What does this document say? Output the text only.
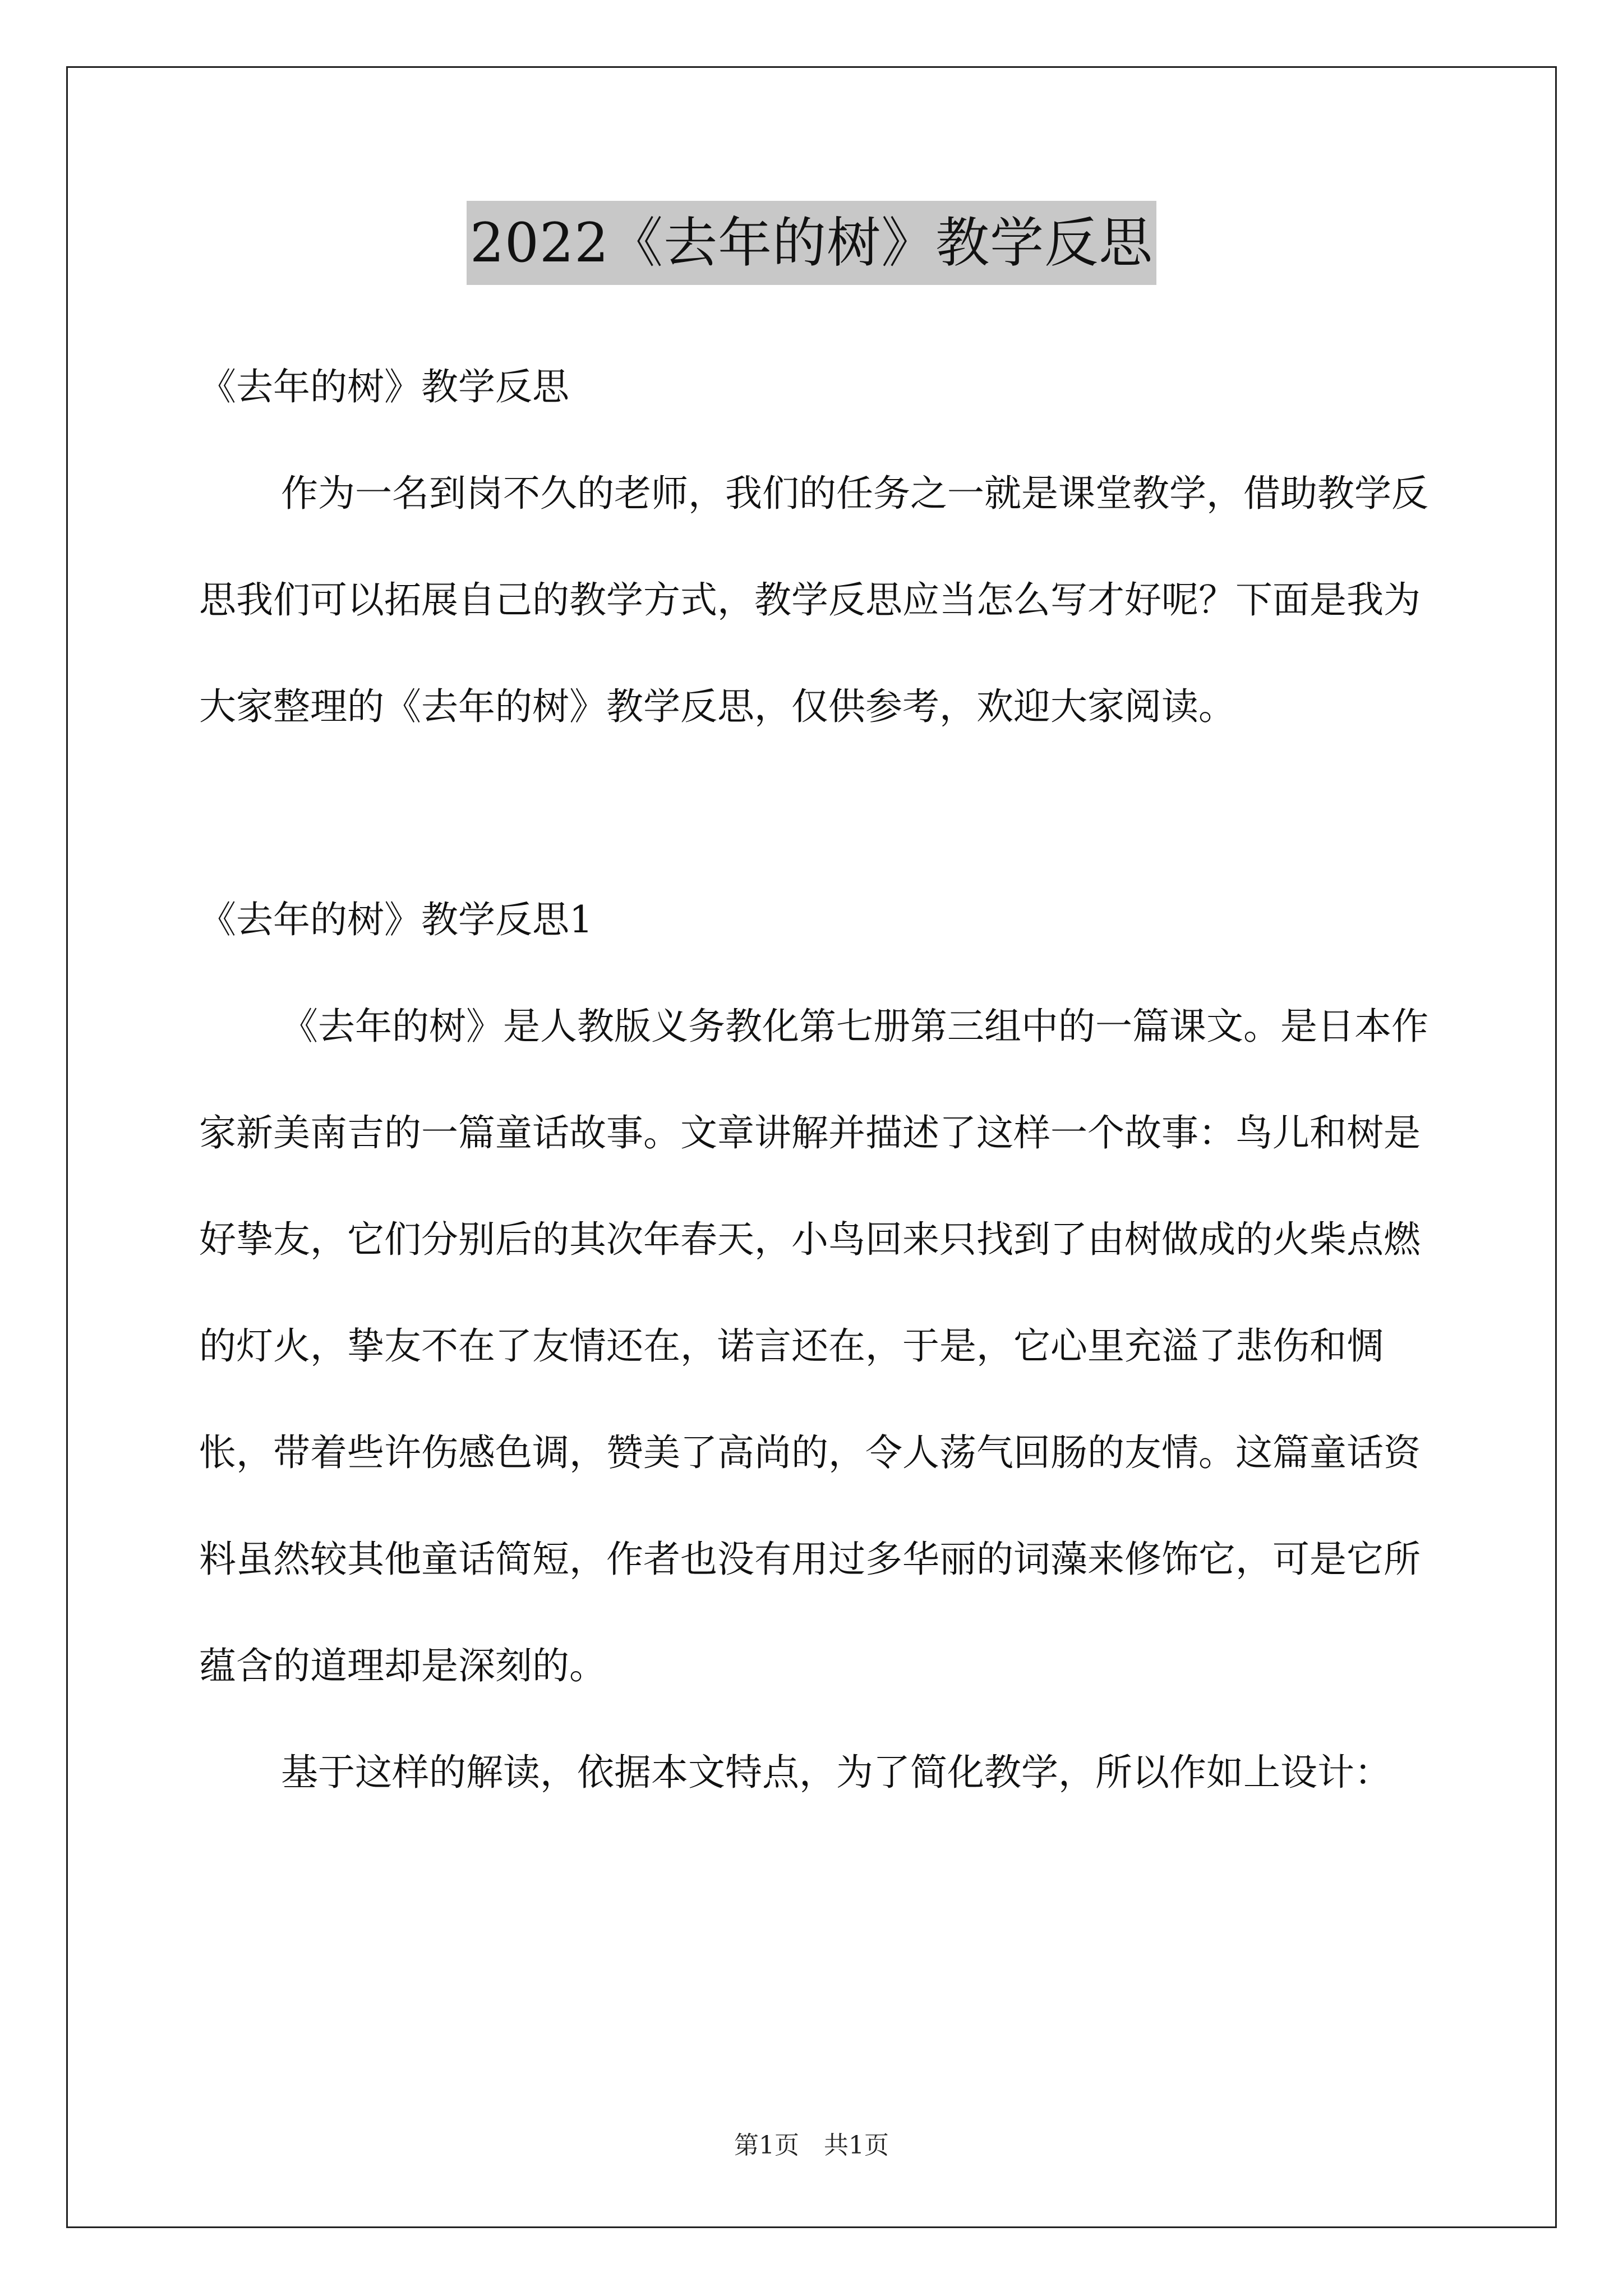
2022《去年的树》教学反思

《去年的树》教学反思

作为一名到岗不久的老师，我们的任务之一就是课堂教学，借助教学反思我们可以拓展自己的教学方式，教学反思应当怎么写才好呢？下面是我为大家整理的《去年的树》教学反思，仅供参考，欢迎大家阅读。

《去年的树》教学反思1

《去年的树》是人教版义务教化第七册第三组中的一篇课文。是日本作家新美南吉的一篇童话故事。文章讲解并描述了这样一个故事：鸟儿和树是好挚友，它们分别后的其次年春天，小鸟回来只找到了由树做成的火柴点燃的灯火，挚友不在了友情还在，诺言还在，于是，它心里充溢了悲伤和惆怅，带着些许伤感色调，赞美了高尚的，令人荡气回肠的友情。这篇童话资料虽然较其他童话简短，作者也没有用过多华丽的词藻来修饰它，可是它所蕴含的道理却是深刻的。

基于这样的解读，依据本文特点，为了简化教学，所以作如上设计：

第1页　共1页
